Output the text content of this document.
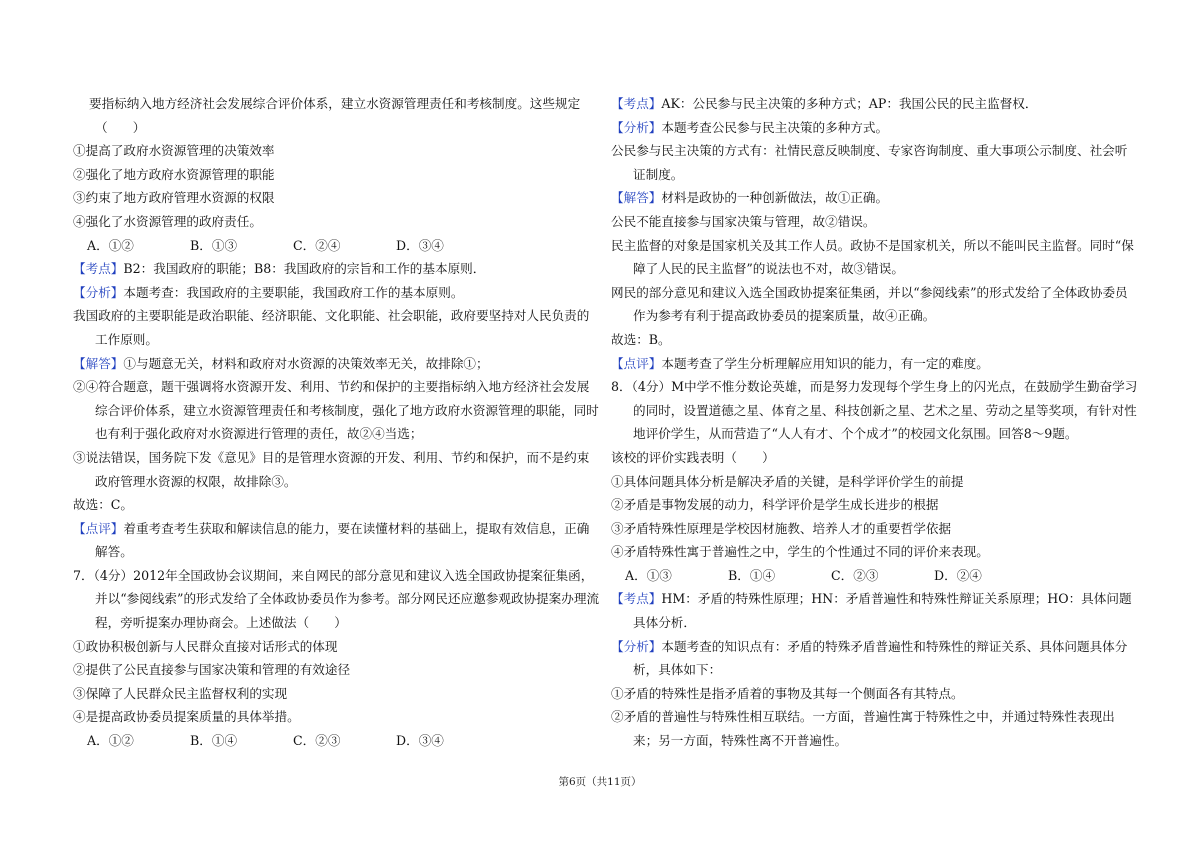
要指标纳入地方经济社会发展综合评价体系，建立水资源管理责任和考核制度。这些规定

（　　）

①提高了政府水资源管理的决策效率

②强化了地方政府水资源管理的职能

③约束了地方政府管理水资源的权限

④强化了水资源管理的政府责任。

A．①②	B．①③	C．②④	D．③④

【考点】B2：我国政府的职能；B8：我国政府的宗旨和工作的基本原则．

【分析】本题考查：我国政府的主要职能，我国政府工作的基本原则。

我国政府的主要职能是政治职能、经济职能、文化职能、社会职能，政府要坚持对人民负责的工作原则。

【解答】①与题意无关，材料和政府对水资源的决策效率无关，故排除①；

②④符合题意，题干强调将水资源开发、利用、节约和保护的主要指标纳入地方经济社会发展综合评价体系，建立水资源管理责任和考核制度，强化了地方政府水资源管理的职能，同时也有利于强化政府对水资源进行管理的责任，故②④当选；

③说法错误，国务院下发《意见》目的是管理水资源的开发、利用、节约和保护，而不是约束政府管理水资源的权限，故排除③。

故选：C。

【点评】着重考查考生获取和解读信息的能力，要在读懂材料的基础上，提取有效信息，正确解答。

7．（4分）2012年全国政协会议期间，来自网民的部分意见和建议入选全国政协提案征集函，并以“参阅线索”的形式发给了全体政协委员作为参考。部分网民还应邀参观政协提案办理流程，旁听提案办理协商会。上述做法（　　）

①政协积极创新与人民群众直接对话形式的体现

②提供了公民直接参与国家决策和管理的有效途径

③保障了人民群众民主监督权利的实现

④是提高政协委员提案质量的具体举措。

A．①②	B．①④	C．②③	D．③④

【考点】AK：公民参与民主决策的多种方式；AP：我国公民的民主监督权．

【分析】本题考查公民参与民主决策的多种方式。

公民参与民主决策的方式有：社情民意反映制度、专家咨询制度、重大事项公示制度、社会听证制度。

【解答】材料是政协的一种创新做法，故①正确。

公民不能直接参与国家决策与管理，故②错误。

民主监督的对象是国家机关及其工作人员。政协不是国家机关，所以不能叫民主监督。同时“保障了人民的民主监督”的说法也不对，故③错误。

网民的部分意见和建议入选全国政协提案征集函，并以“参阅线索”的形式发给了全体政协委员作为参考有利于提高政协委员的提案质量，故④正确。

故选：B。

【点评】本题考查了学生分析理解应用知识的能力，有一定的难度。

8．（4分）M中学不惟分数论英雄，而是努力发现每个学生身上的闪光点，在鼓励学生勤奋学习的同时，设置道德之星、体育之星、科技创新之星、艺术之星、劳动之星等奖项，有针对性地评价学生，从而营造了“人人有才、个个成才”的校园文化氛围。回答8～9题。

该校的评价实践表明（　　）

①具体问题具体分析是解决矛盾的关键，是科学评价学生的前提

②矛盾是事物发展的动力，科学评价是学生成长进步的根据

③矛盾特殊性原理是学校因材施教、培养人才的重要哲学依据

④矛盾特殊性寓于普遍性之中，学生的个性通过不同的评价来表现。

A．①③	B．①④	C．②③	D．②④

【考点】HM：矛盾的特殊性原理；HN：矛盾普遍性和特殊性辩证关系原理；HO：具体问题具体分析．

【分析】本题考查的知识点有：矛盾的特殊矛盾普遍性和特殊性的辩证关系、具体问题具体分析，具体如下：

①矛盾的特殊性是指矛盾着的事物及其每一个侧面各有其特点。

②矛盾的普遍性与特殊性相互联结。一方面，普遍性寓于特殊性之中，并通过特殊性表现出来；另一方面，特殊性离不开普遍性。

第6页（共11页）
